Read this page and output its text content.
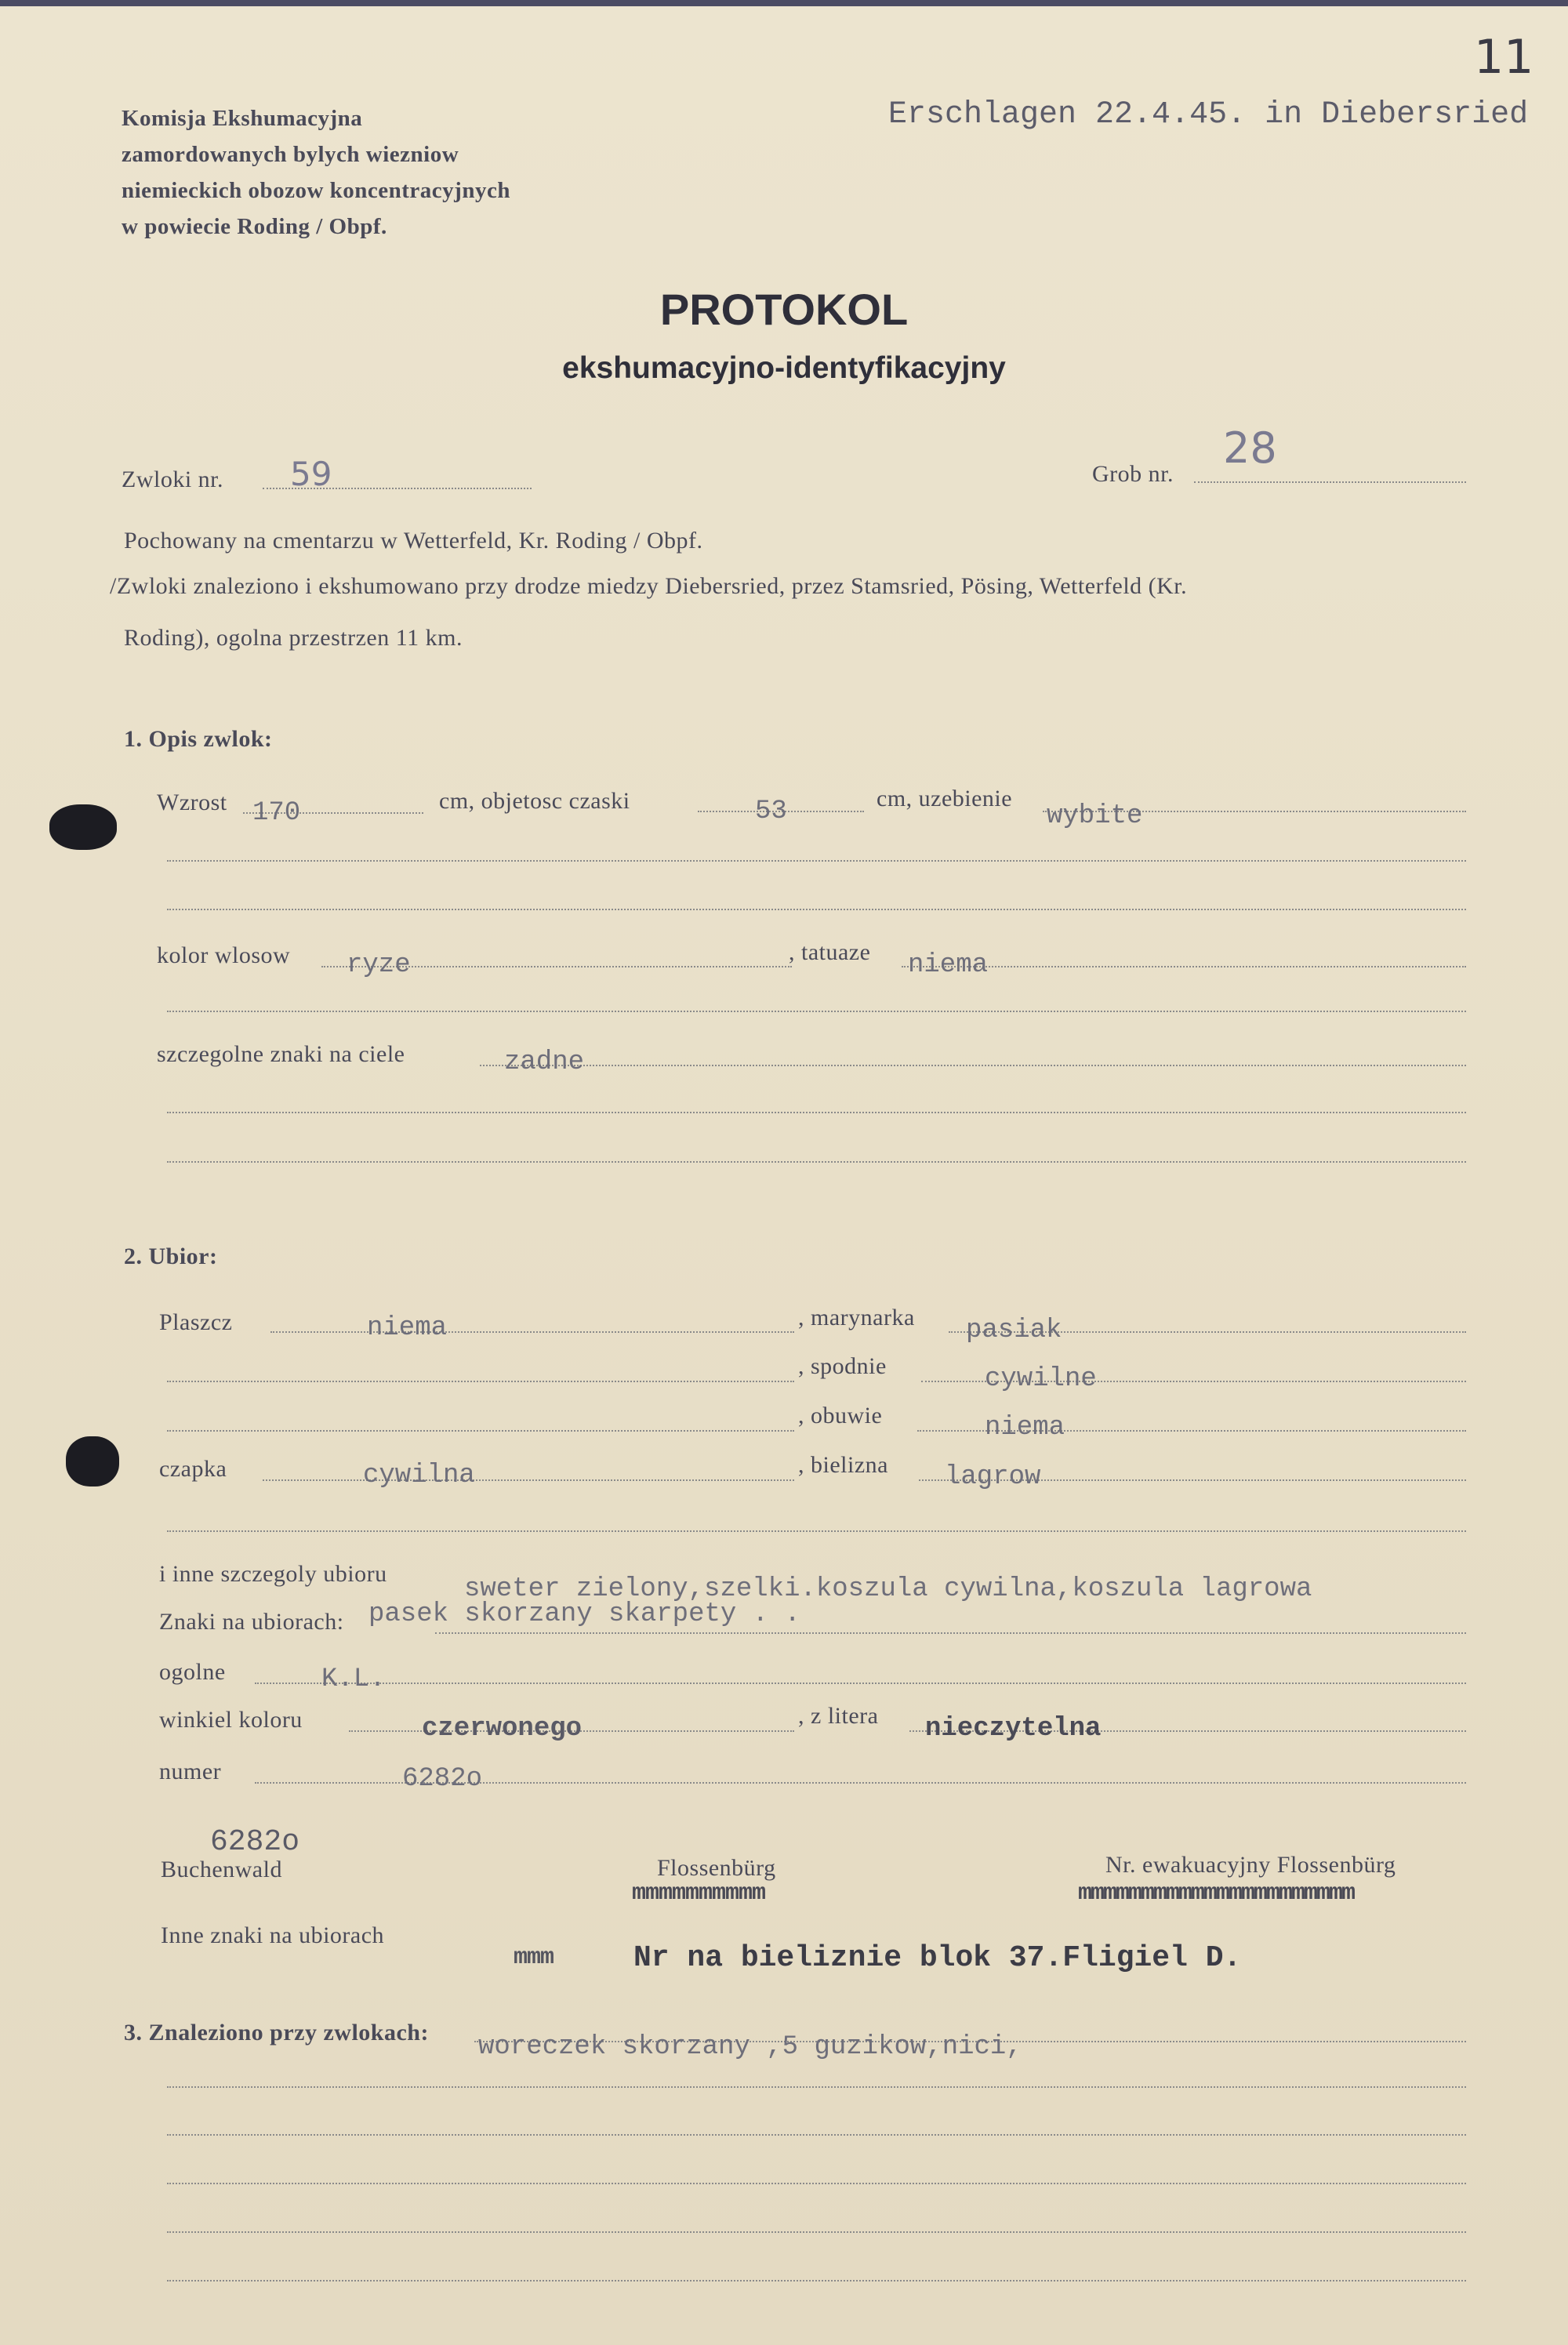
11
Komisja Ekshumacyjna
zamordowanych bylych wiezniow
niemieckich obozow koncentracyjnych
w powiecie Roding / Obpf.
Erschlagen 22.4.45. in Diebersried
PROTOKOL
ekshumacyjno-identyfikacyjny
Zwloki nr. 59	Grob nr.
28
Pochowany na cmentarzu w Wetterfeld, Kr. Roding / Obpf.
/Zwloki znaleziono i ekshumowano przy drodze miedzy Diebersried, przez Stamsried, Pösing, Wetterfeld (Kr.
Roding), ogolna przestrzen 11 km.
1. Opis zwlok:
Wzrost 170	cm, objetosc czaski	53	cm, uzebienie
wybite
kolor wlosow ryze	, tatuaze niema
szczegolne znaki na ciele	zadne
2. Ubior:
Plaszcz	niema	, marynarka pasiak
, spodnie	cywilne
, obuwie	niema
czapka	cywilna	, bielizna lagrow
i inne szczegoly ubioru
sweter zielony,szelki.koszula cywilna,koszula lagrowa
pasek skorzany skarpety . .
Znaki na ubiorach:
ogolne	K.L.
winkiel koloru	czerwonego	, z litera nieczytelna
numer	6282o
6282o
Buchenwald	Flossenbürg
mmmmmmmmmm
Nr. ewakuacyjny Flossenbürg
mmmmmmmmmmmmmmmmmmmmmm
Inne znaki na ubiorach
mmm	Nr na bieliznie blok 37.Fligiel D.
3. Znaleziono przy zwlokach: woreczek skorzany ,5 guzikow,nici,
